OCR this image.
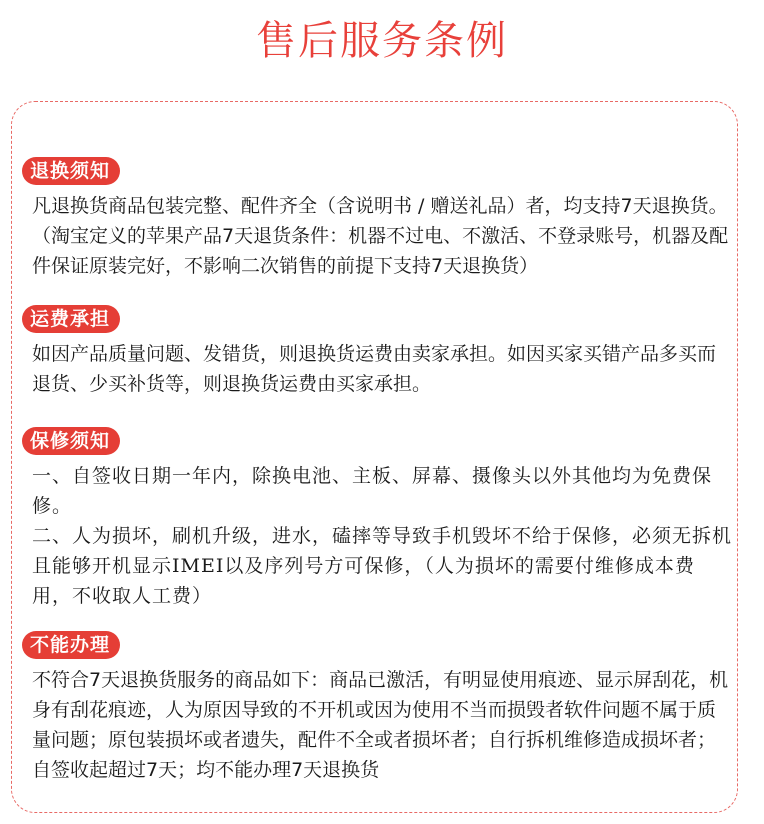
售后服务条例
退换须知
凡退换货商品包装完整、配件齐全（含说明书 / 赠送礼品）者，均支持7天退换货。（淘宝定义的苹果产品7天退货条件：机器不过电、不激活、不登录账号，机器及配件保证原装完好，不影响二次销售的前提下支持7天退换货）
运费承担
如因产品质量问题、发错货，则退换货运费由卖家承担。如因买家买错产品多买而退货、少买补货等，则退换货运费由买家承担。
保修须知
一、自签收日期一年内，除换电池、主板、屏幕、摄像头以外其他均为免费保修。
二、人为损坏，刷机升级，进水，磕摔等导致手机毁坏不给于保修，必须无拆机且能够开机显示IMEI以及序列号方可保修，（人为损坏的需要付维修成本费用，不收取人工费）
不能办理
不符合7天退换货服务的商品如下：商品已激活，有明显使用痕迹、显示屏刮花，机身有刮花痕迹，人为原因导致的不开机或因为使用不当而损毁者软件问题不属于质量问题；原包装损坏或者遗失，配件不全或者损坏者；自行拆机维修造成损坏者；自签收起超过7天；均不能办理7天退换货
